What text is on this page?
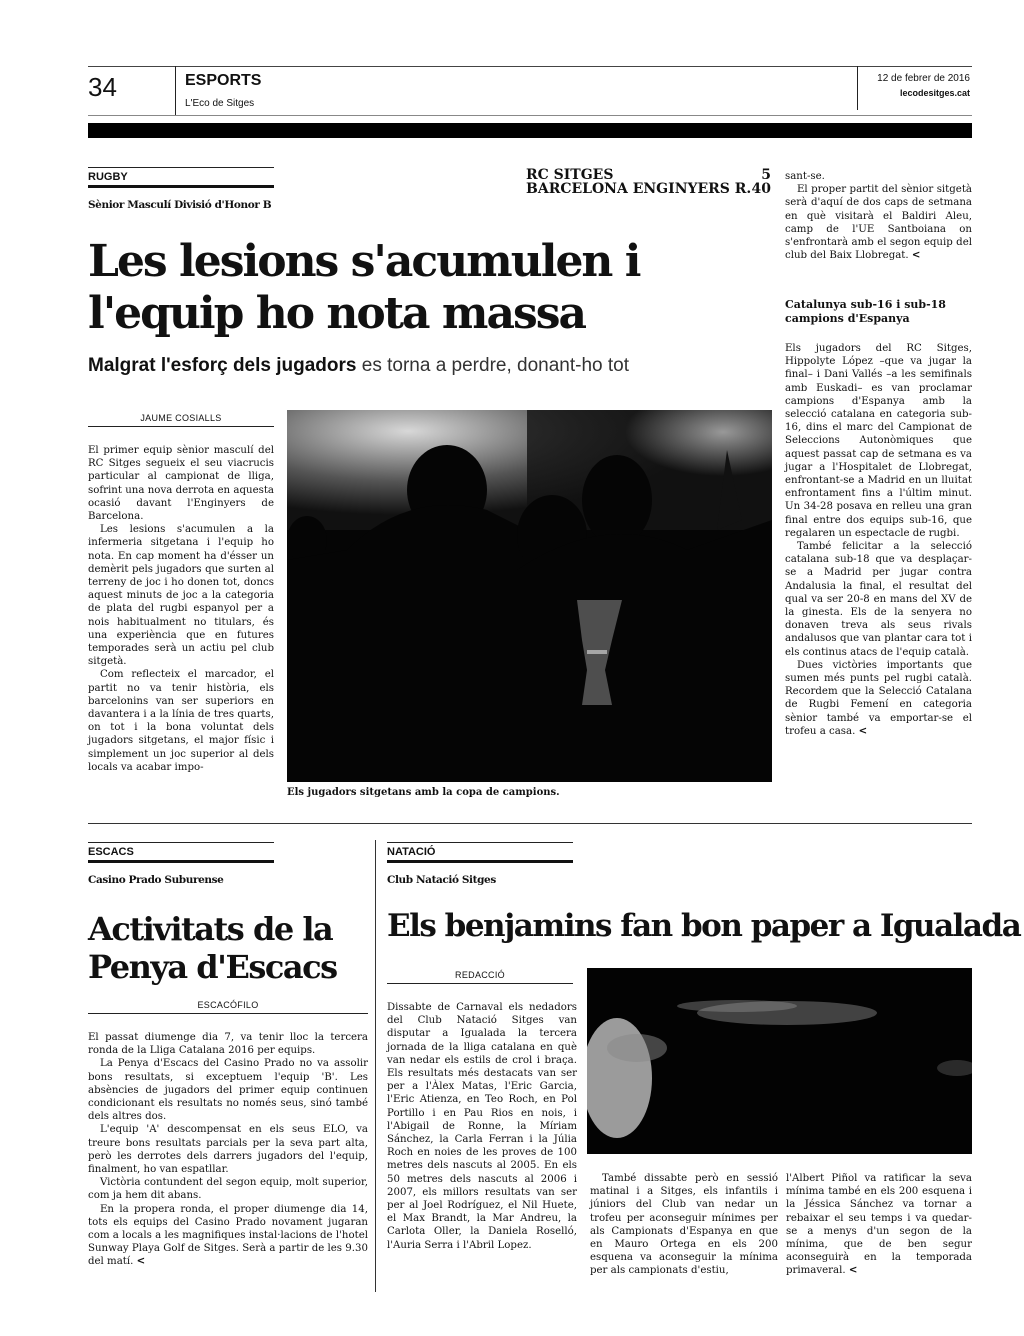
34	ESPORTS
L'Eco de Sitges
12 de febrer de 2016
lecodesitges.cat
RUGBY
Sènior Masculí Divisió d'Honor B
RC SITGES	5
BARCELONA ENGINYERS R. 40
Les lesions s'acumulen i
l'equip ho nota massa
Malgrat l'esforç dels jugadors es torna a perdre, donant-ho tot
JAUME COSIALLS

El primer equip sènior masculí del RC Sitges segueix el seu viacrucis particular al campionat de lliga, sofrint una nova derrota en aquesta ocasió davant l'Enginyers de Barcelona.

Les lesions s'acumulen a la infermeria sitgetana i l'equip ho nota. En cap moment ha d'ésser un demèrit pels jugadors que surten al terreny de joc i ho donen tot, doncs aquest minuts de joc a la categoria de plata del rugbi espanyol per a nois habitualment no titulars, és una experiència que en futures temporades serà un actiu pel club sitgetà.

Com reflecteix el marcador, el partit no va tenir història, els barcelonins van ser superiors en davantera i a la línia de tres quarts, on tot i la bona voluntat dels jugadors sitgetans, el major físic i simplement un joc superior al dels locals va acabar impo-

Els jugadors sitgetans amb la copa de campions.

sant-se.

El proper partit del sènior sitgetà serà d'aquí de dos caps de setmana en què visitarà el Baldiri Aleu, camp de l'UE Santboiana on s'enfrontarà amb el segon equip del club del Baix Llobregat. <

Catalunya sub-16 i sub-18 campions d'Espanya

Els jugadors del RC Sitges, Hippolyte López –que va jugar la final– i Dani Vallés –a les semifinals amb Euskadi– es van proclamar campions d'Espanya amb la selecció catalana en categoria sub-16, dins el marc del Campionat de Seleccions Autonòmiques que aquest passat cap de setmana es va jugar a l'Hospitalet de Llobregat, enfrontant-se a Madrid en un lluitat enfrontament fins a l'últim minut. Un 34-28 posava en relleu una gran final entre dos equips sub-16, que regalaren un espectacle de rugbi.

També felicitar a la selecció catalana sub-18 que va desplaçar-se a Madrid per jugar contra Andalusia la final, el resultat del qual va ser 20-8 en mans del XV de la ginesta. Els de la senyera no donaven treva als seus rivals andalusos que van plantar cara tot i els continus atacs de l'equip català.

Dues victòries importants que sumen més punts pel rugbi català. Recordem que la Selecció Catalana de Rugbi Femení en categoria sènior també va emportar-se el trofeu a casa. <

ESCACS
Casino Prado Suburense
Activitats de la
Penya d'Escacs
ESCACÓFILO

El passat diumenge dia 7, va tenir lloc la tercera ronda de la Lliga Catalana 2016 per equips.

La Penya d'Escacs del Casino Prado no va assolir bons resultats, si exceptuem l'equip 'B'. Les absències de jugadors del primer equip continuen condicionant els resultats no només seus, sinó també dels altres dos.

L'equip 'A' descompensat en els seus ELO, va treure bons resultats parcials per la seva part alta, però les derrotes dels darrers jugadors del l'equip, finalment, ho van espatllar.

Victòria contundent del segon equip, molt superior, com ja hem dit abans.

En la propera ronda, el proper diumenge dia 14, tots els equips del Casino Prado novament jugaran com a locals a les magnifiques instal·lacions de l'hotel Sunway Playa Golf de Sitges. Serà a partir de les 9.30 del matí. <

NATACIÓ
Club Natació Sitges
Els benjamins fan bon paper a Igualada
REDACCIÓ

Dissabte de Carnaval els nedadors del Club Natació Sitges van disputar a Igualada la tercera jornada de la lliga catalana en què van nedar els estils de crol i braça. Els resultats més destacats van ser per a l'Àlex Matas, l'Eric Garcia, l'Eric Atienza, en Teo Roch, en Pol Portillo i en Pau Rios en nois, i l'Abigail de Ronne, la Míriam Sánchez, la Carla Ferran i la Júlia Roch en noies de les proves de 100 metres dels nascuts al 2005. En els 50 metres dels nascuts al 2006 i 2007, els millors resultats van ser per al Joel Rodríguez, el Nil Huete, el Max Brandt, la Mar Andreu, la Carlota Oller, la Daniela Roselló, l'Auria Serra i l'Abril Lopez.

També dissabte però en sessió matinal i a Sitges, els infantils i júniors del Club van nedar un trofeu per aconseguir mínimes per als Campionats d'Espanya en que en Mauro Ortega en els 200 esquena va aconseguir la mínima per als campionats d'estiu,

l'Albert Piñol va ratificar la seva mínima també en els 200 esquena i la Jéssica Sánchez va tornar a rebaixar el seu temps i va quedar-se a menys d'un segon de la mínima, que de ben segur aconseguirà en la temporada primaveral. <
